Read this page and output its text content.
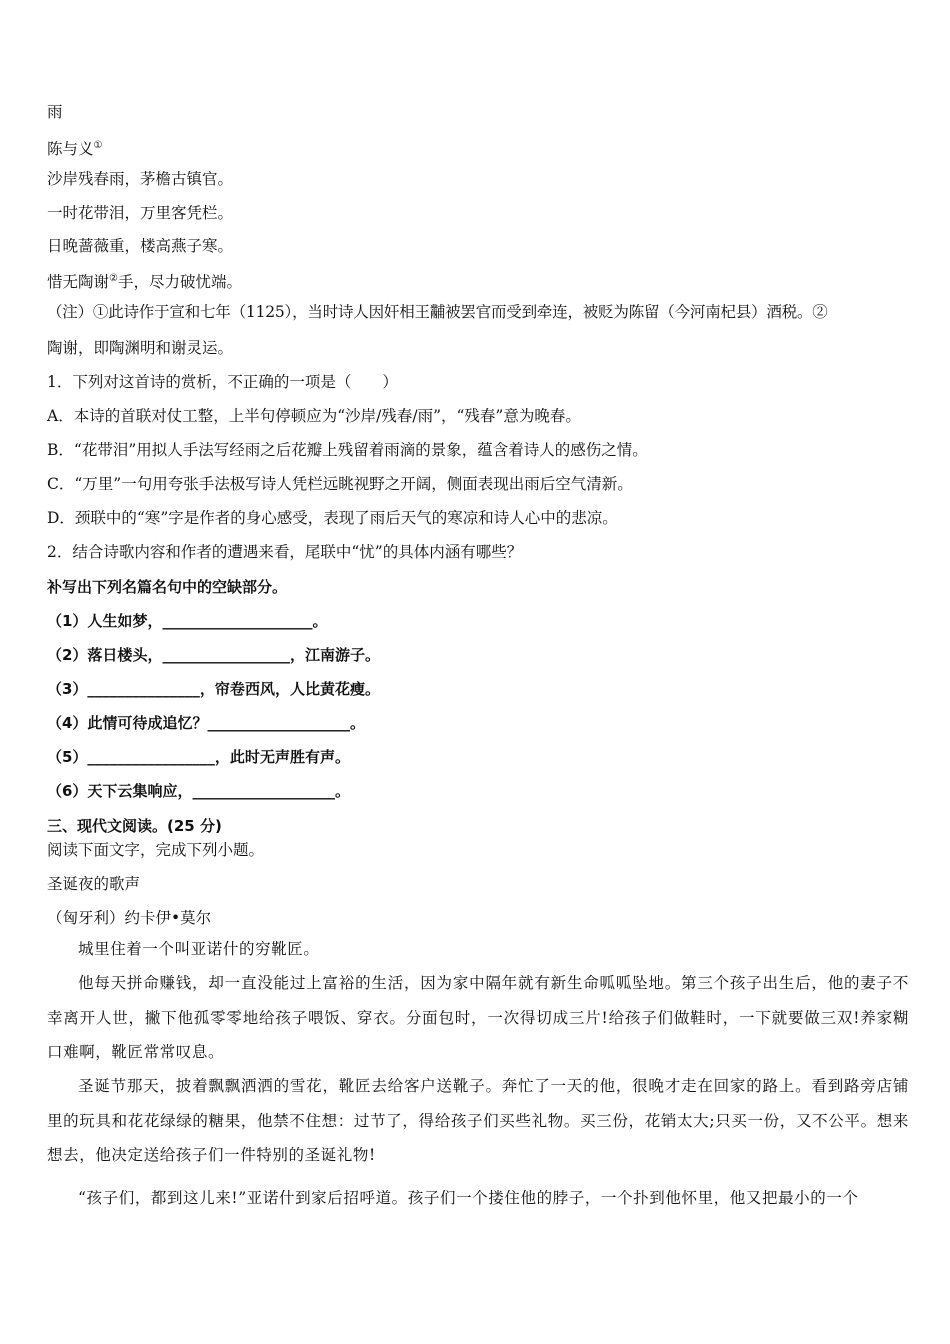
雨
陈与义①
沙岸残春雨，茅檐古镇官。
一时花带泪，万里客凭栏。
日晚蔷薇重，楼高燕子寒。
惜无陶谢②手，尽力破忧端。
（注）①此诗作于宣和七年（1125），当时诗人因奸相王黼被罢官而受到牵连，被贬为陈留（今河南杞县）酒税。②
陶谢，即陶渊明和谢灵运。
1．下列对这首诗的赏析，不正确的一项是（　　）
A．本诗的首联对仗工整，上半句停顿应为“沙岸/残春/雨”，“残春”意为晚春。
B．“花带泪”用拟人手法写经雨之后花瓣上残留着雨滴的景象，蕴含着诗人的感伤之情。
C．“万里”一句用夸张手法极写诗人凭栏远眺视野之开阔，侧面表现出雨后空气清新。
D．颈联中的“寒”字是作者的身心感受，表现了雨后天气的寒凉和诗人心中的悲凉。
2．结合诗歌内容和作者的遭遇来看，尾联中“忧”的具体内涵有哪些？
补写出下列名篇名句中的空缺部分。
（1）人生如梦，____________________。
（2）落日楼头，_________________，江南游子。
（3）_______________，帘卷西风，人比黄花瘦。
（4）此情可待成追忆？___________________。
（5）_________________，此时无声胜有声。
（6）天下云集响应，___________________。
三、现代文阅读。(25 分)
阅读下面文字，完成下列小题。
圣诞夜的歌声
（匈牙利）约卡伊•莫尔
城里住着一个叫亚诺什的穷靴匠。
他每天拼命赚钱，却一直没能过上富裕的生活，因为家中隔年就有新生命呱呱坠地。第三个孩子出生后，他的妻子不幸离开人世，撇下他孤零零地给孩子喂饭、穿衣。分面包时，一次得切成三片!给孩子们做鞋时，一下就要做三双!养家糊口难啊，靴匠常常叹息。
圣诞节那天，披着飘飘洒洒的雪花，靴匠去给客户送靴子。奔忙了一天的他，很晚才走在回家的路上。看到路旁店铺里的玩具和花花绿绿的糖果，他禁不住想：过节了，得给孩子们买些礼物。买三份，花销太大;只买一份，又不公平。想来想去，他决定送给孩子们一件特别的圣诞礼物!
“孩子们，都到这儿来!”亚诺什到家后招呼道。孩子们一个搂住他的脖子，一个扑到他怀里，他又把最小的一个
